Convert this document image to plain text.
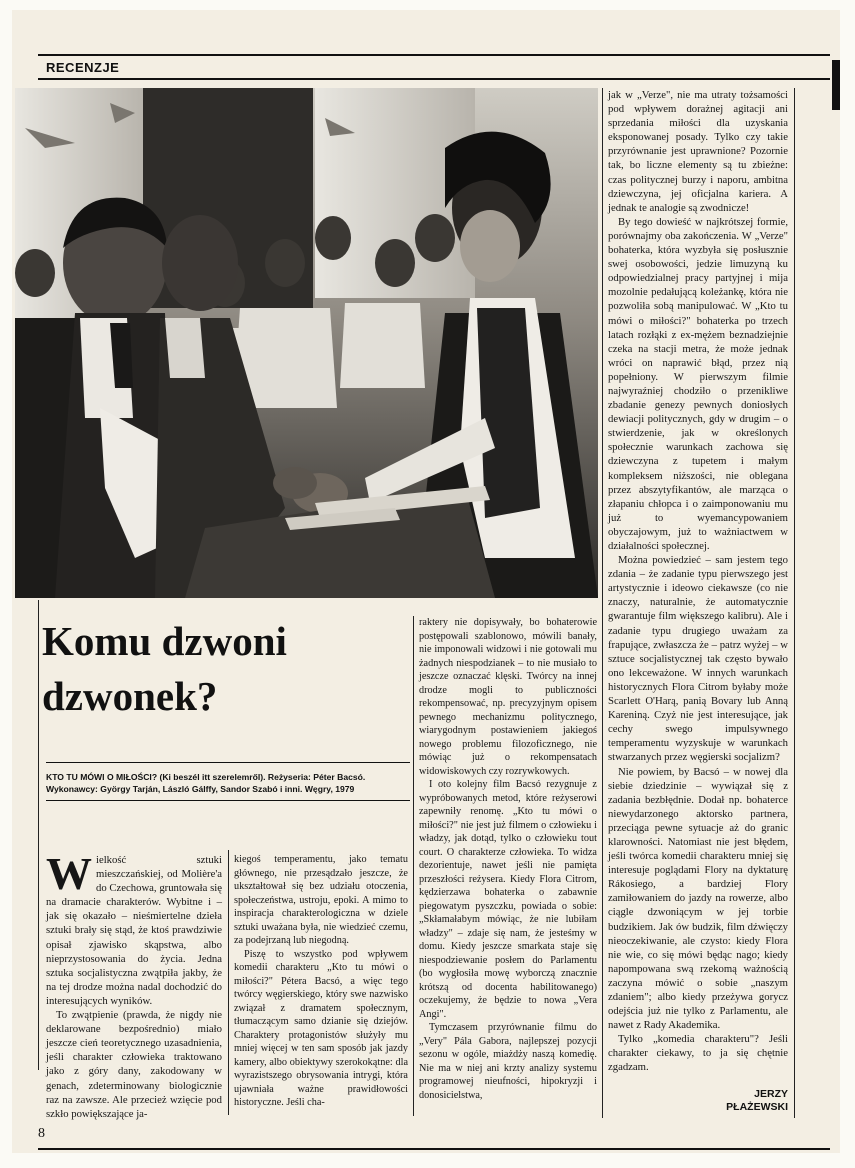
RECENZJE
Komu dzwoni
dzwonek?
KTO TU MÓWI O MIŁOŚCI? (Ki beszél itt szerelemről). Reżyseria: Péter Bacsó. Wykonawcy: György Tarján, László Gálffy, Sandor Szabó i inni. Węgry, 1979

Wielkość sztuki mieszczańskiej, od Molière'a do Czechowa, gruntowała się na dramacie charakterów. Wybitne i – jak się okazało – nieśmiertelne dzieła sztuki brały się stąd, że ktoś prawdziwie opisał zjawisko skąpstwa, albo nieprzystosowania do życia. Jedna sztuka socjalistyczna zwątpiła jakby, że na tej drodze można nadal dochodzić do interesujących wyników.

To zwątpienie (prawda, że nigdy nie deklarowane bezpośrednio) miało jeszcze cień teoretycznego uzasadnienia, jeśli charakter człowieka traktowano jako z góry dany, zakodowany w genach, zdeterminowany biologicznie raz na zawsze. Ale przecież wzięcie pod szkło powiększające ja-

kiegoś temperamentu, jako tematu głównego, nie przesądzało jeszcze, że ukształtował się bez udziału otoczenia, społeczeństwa, ustroju, epoki. A mimo to inspiracja charakterologiczna w dziele sztuki uważana była, nie wiedzieć czemu, za podejrzaną lub niegodną.

Piszę to wszystko pod wpływem komedii charakteru „Kto tu mówi o miłości?" Pétera Bacsó, a więc tego twórcy węgierskiego, który swe nazwisko związał z dramatem społecznym, tłumaczącym samo dzianie się dziejów. Charaktery protagonistów służyły mu mniej więcej w ten sam sposób jak jazdy kamery, albo obiektywy szerokokątne: dla wyrazistszego obrysowania intrygi, która ujawniała ważne prawidłowości historyczne. Jeśli cha-

raktery nie dopisywały, bo bohaterowie postępowali szablonowo, mówili banały, nie imponowali widzowi i nie gotowali mu żadnych niespodzianek – to nie musiało to jeszcze oznaczać klęski. Twórcy na innej drodze mogli to publiczności rekompensować, np. precyzyjnym opisem pewnego mechanizmu politycznego, wiarygodnym postawieniem jakiegoś nowego problemu filozoficznego, nie mówiąc już o rekompensatach widowiskowych czy rozrywkowych.

I oto kolejny film Bacsó rezygnuje z wypróbowanych metod, które reżyserowi zapewniły renomę. „Kto tu mówi o miłości?" nie jest już filmem o człowieku i władzy, jak dotąd, tylko o człowieku tout court. O charakterze człowieka. To widza dezorientuje, nawet jeśli nie pamięta przeszłości reżysera. Kiedy Flora Citrom, kędzierzawa bohaterka o zabawnie piegowatym pyszczku, powiada o sobie: „Skłamałabym mówiąc, że nie lubiłam władzy" – zdaje się nam, że jesteśmy w domu. Kiedy jeszcze smarkata staje się niespodziewanie posłem do Parlamentu (bo wygłosiła mowę wyborczą znacznie krótszą od docenta habilitowanego) oczekujemy, że będzie to nowa „Vera Angi".

Tymczasem przyrównanie filmu do „Very" Pála Gabora, najlepszej pozycji sezonu w ogóle, miażdży naszą komedię. Nie ma w niej ani krzty analizy systemu programowej nieufności, hipokryzji i donosicielstwa,

jak w „Verze", nie ma utraty tożsamości pod wpływem dorażnej agitacji ani sprzedania miłości dla uzyskania eksponowanej posady. Tylko czy takie przyrównanie jest uprawnione? Pozornie tak, bo liczne elementy są tu zbieżne: czas politycznej burzy i naporu, ambitna dziewczyna, jej oficjalna kariera. A jednak te analogie są zwodnicze!

By tego dowieść w najkrótszej formie, porównajmy oba zakończenia. W „Verze" bohaterka, która wyzbyła się posłusznie swej osobowości, jedzie limuzyną ku odpowiedzialnej pracy partyjnej i mija mozolnie pedałującą koleżankę, która nie pozwoliła sobą manipulować. W „Kto tu mówi o miłości?" bohaterka po trzech latach rozłąki z ex-mężem beznadziejnie czeka na stacji metra, że może jednak wróci on naprawić błąd, przez nią popełniony. W pierwszym filmie najwyraźniej chodziło o przenikliwe zbadanie genezy pewnych doniosłych dewiacji politycznych, gdy w drugim – o stwierdzenie, jak w określonych społecznie warunkach zachowa się dziewczyna z tupetem i małym kompleksem niższości, nie oblegana przez abszytyfikantów, ale marząca o złapaniu chłopca i o zaimponowaniu mu już to wyemancypowaniem obyczajowym, już to ważniactwem w działalności społecznej.

Można powiedzieć – sam jestem tego zdania – że zadanie typu pierwszego jest artystycznie i ideowo ciekawsze (co nie znaczy, naturalnie, że automatycznie gwarantuje film większego kalibru). Ale i zadanie typu drugiego uważam za frapujące, zwłaszcza że – patrz wyżej – w sztuce socjalistycznej tak często bywało ono lekceważone. W innych warunkach historycznych Flora Citrom byłaby może Scarlett O'Harą, panią Bovary lub Anną Kareniną. Czyż nie jest interesujące, jak cechy swego impulsywnego temperamentu wyzyskuje w warunkach stwarzanych przez węgierski socjalizm?

Nie powiem, by Bacsó – w nowej dla siebie dziedzinie – wywiązał się z zadania bezbłędnie. Dodał np. bohaterce niewydarzonego aktorsko partnera, przeciąga pewne sytuacje aż do granic klarowności. Natomiast nie jest błędem, jeśli twórca komedii charakteru mniej się interesuje poglądami Flory na dyktaturę Rákosiego, a bardziej Flory zamiłowaniem do jazdy na rowerze, albo ciągle dzwoniącym w jej torbie budzikiem. Jak ów budzik, film dźwięczy nieoczekiwanie, ale czysto: kiedy Flora nie wie, co się mówi będąc nago; kiedy napompowana swą rzekomą ważnością zaczyna mówić o sobie „naszym zdaniem"; albo kiedy przeżywa gorycz odejścia już nie tylko z Parlamentu, ale nawet z Rady Akademika.

Tylko „komedia charakteru"? Jeśli charakter ciekawy, to ja się chętnie zgadzam.

JERZY
PŁAŻEWSKI
8
